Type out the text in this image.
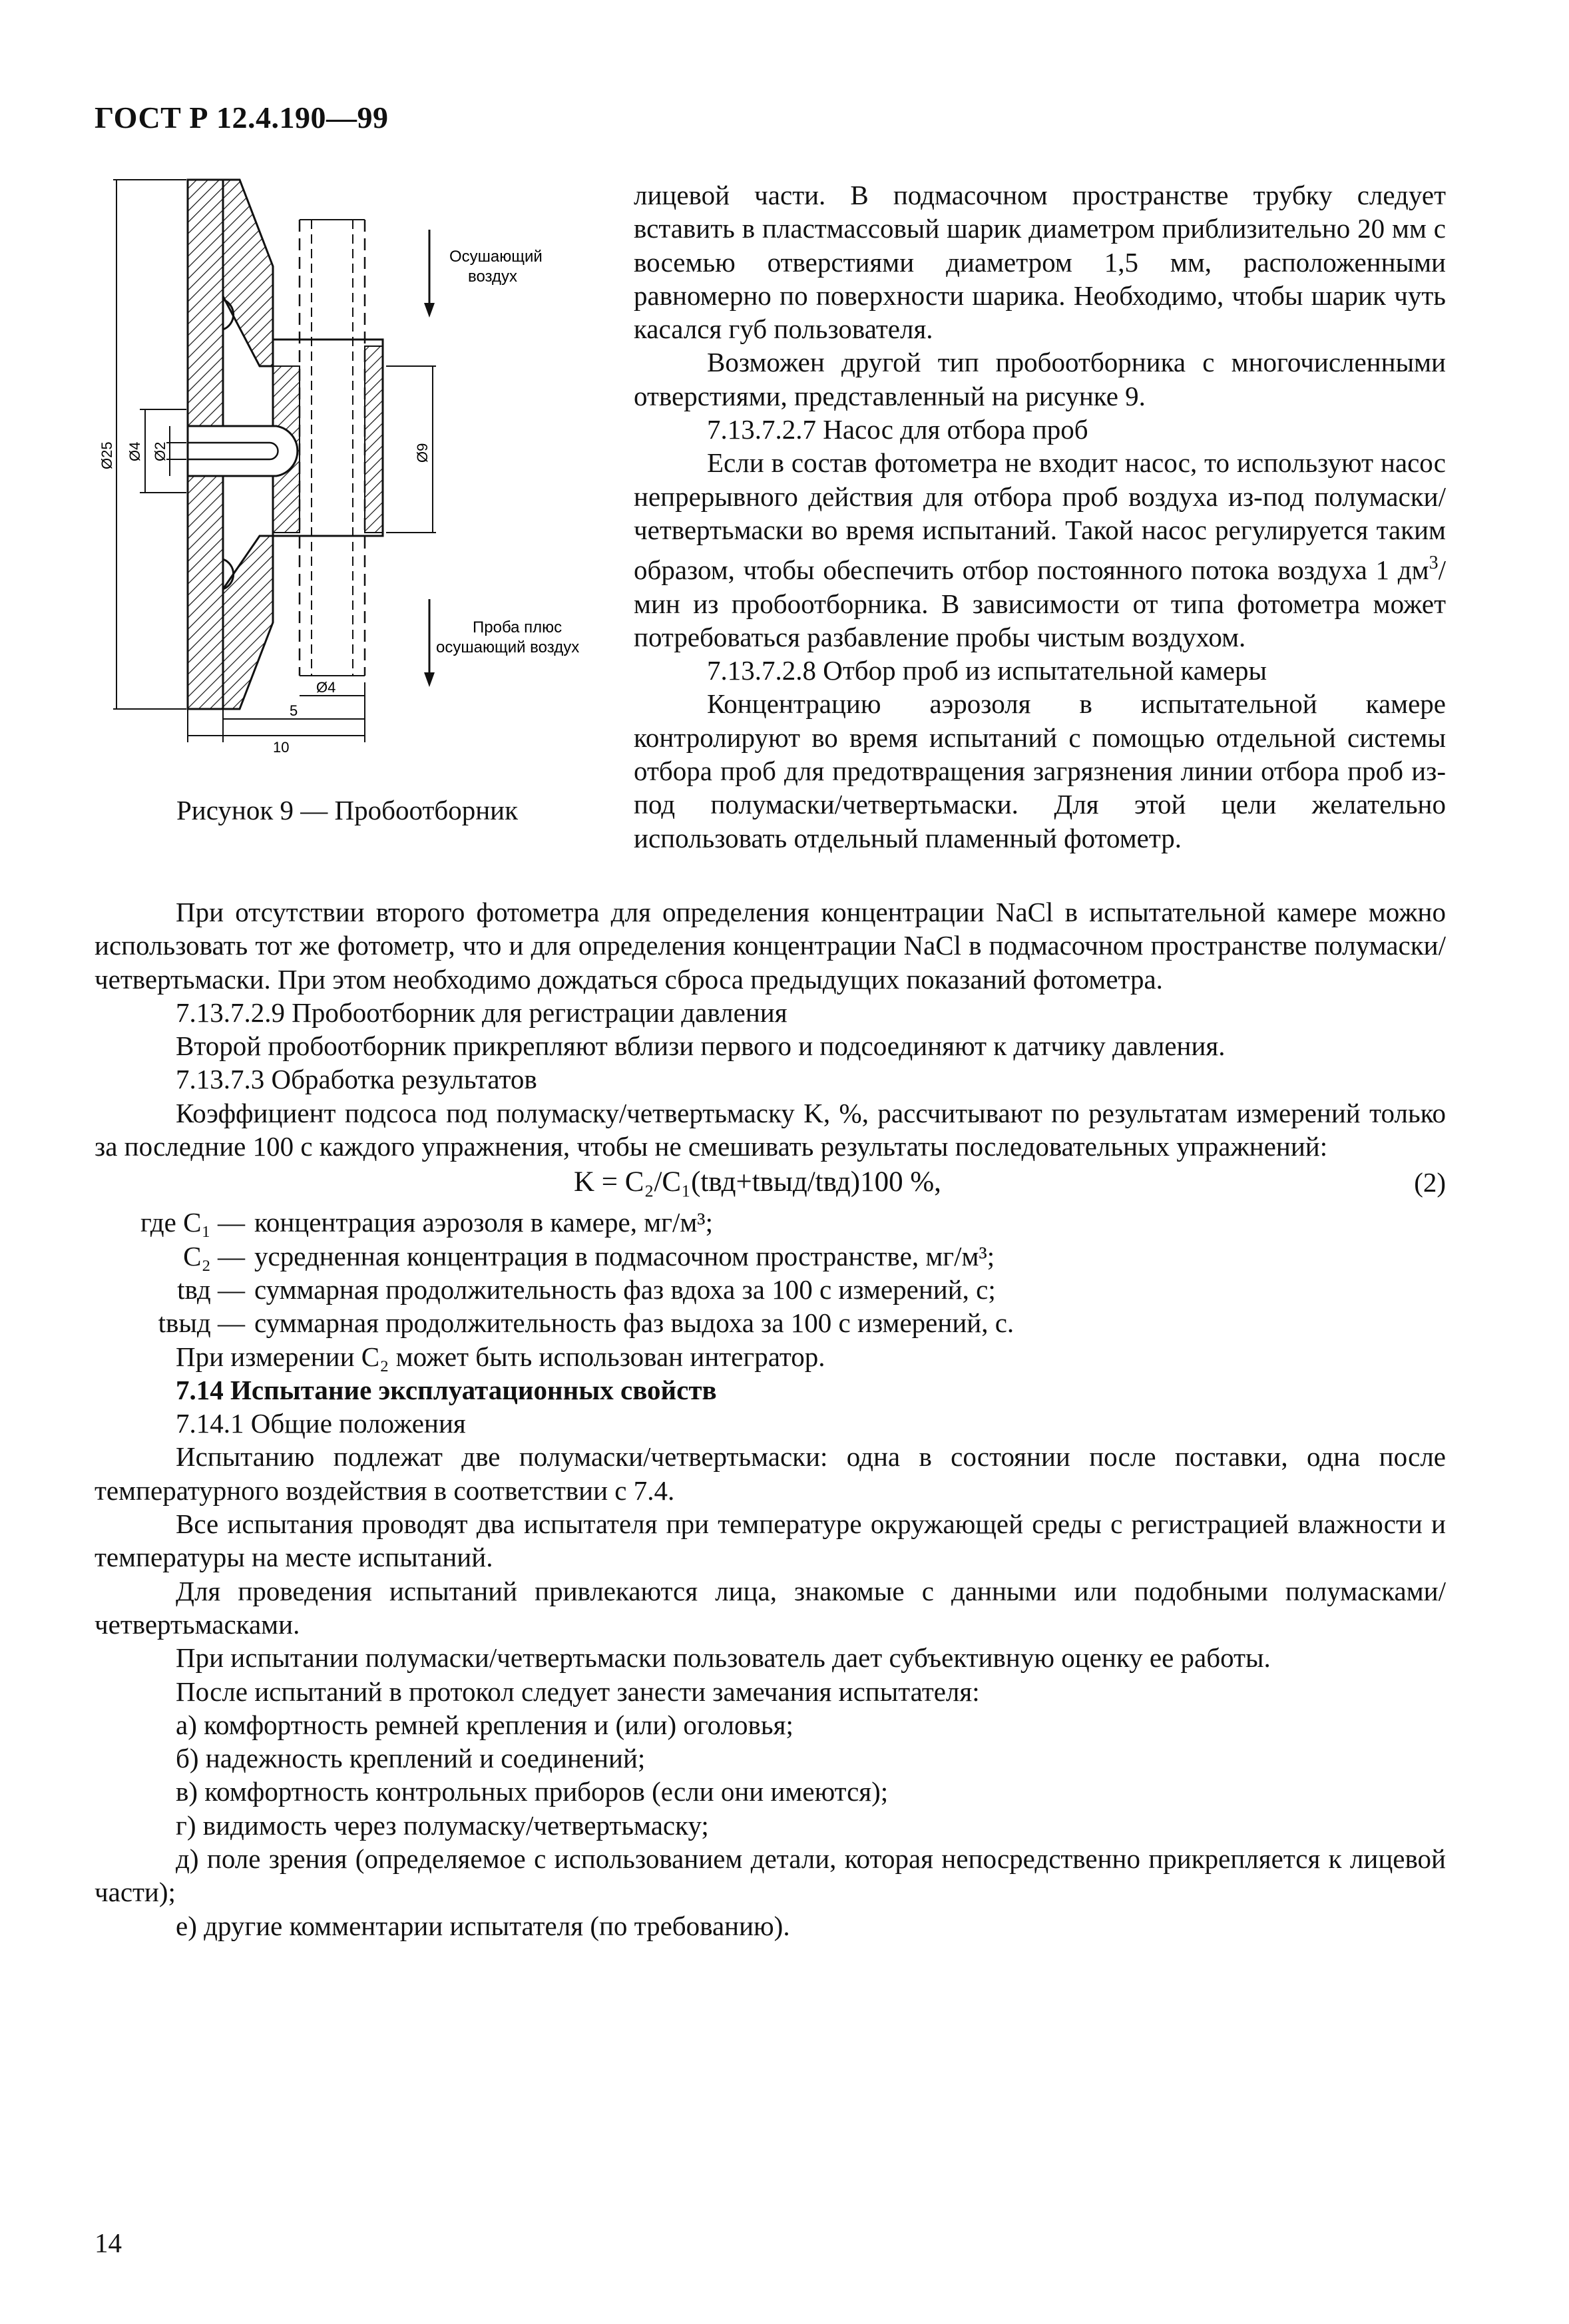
ГОСТ Р 12.4.190—99
Ø25 Ø4 Ø2	Ø9
Ø4
5
10
Осушающий
воздух
Проба плюс
осушающий воздух
Рисунок 9 — Пробоотборник

лицевой части. В подмасочном пространстве трубку следует вставить в пластмассовый шарик диаметром приблизительно 20 мм с восемью отверстиями диаметром 1,5 мм, расположенными равномерно по поверхности шарика. Необходимо, чтобы шарик чуть касался губ пользователя.

Возможен другой тип пробоотборника с многочисленными отверстиями, представленный на рисунке 9.

7.13.7.2.7 Насос для отбора проб

Если в состав фотометра не входит насос, то используют насос непрерывного действия для отбора проб воздуха из-под полумаски/четвертьмаски во время испытаний. Такой насос регулируется таким образом, чтобы обеспечить отбор постоянного потока воздуха 1 $дм^3$/мин из пробоотборника. В зависимости от типа фотометра может потребоваться разбавление пробы чистым воздухом.

7.13.7.2.8 Отбор проб из испытательной камеры

Концентрацию аэрозоля в испытательной камере контролируют во время испытаний с помощью отдельной системы отбора проб для предотвращения загрязнения линии отбора проб из-под полумаски/четвертьмаски. Для этой цели желательно использовать отдельный пламенный фотометр.

При отсутствии второго фотометра для определения концентрации NaCl в испытательной камере можно использовать тот же фотометр, что и для определения концентрации NaCl в подмасочном пространстве полумаски/четвертьмаски. При этом необходимо дождаться сброса предыдущих показаний фотометра.

7.13.7.2.9 Пробоотборник для регистрации давления

Второй пробоотборник прикрепляют вблизи первого и подсоединяют к датчику давления.

7.13.7.3 Обработка результатов

Коэффициент подсоса под полумаску/четвертьмаску K, %, рассчитывают по результатам измерений только за последние 100 с каждого упражнения, чтобы не смешивать результаты последовательных упражнений:

K = C₂/C₁(tвд+tвыд/tвд)100 %,	(2)
где C₁ — концентрация аэрозоля в камере, мг/м³;
C₂ — усредненная концентрация в подмасочном пространстве, мг/м³;
tвд — суммарная продолжительность фаз вдоха за 100 с измерений, с;
tвыд — суммарная продолжительность фаз выдоха за 100 с измерений, с.

При измерении C₂ может быть использован интегратор.

7.14 Испытание эксплуатационных свойств

7.14.1 Общие положения

Испытанию подлежат две полумаски/четвертьмаски: одна в состоянии после поставки, одна после температурного воздействия в соответствии с 7.4.

Все испытания проводят два испытателя при температуре окружающей среды с регистрацией влажности и температуры на месте испытаний.

Для проведения испытаний привлекаются лица, знакомые с данными или подобными полумасками/четвертьмасками.

При испытании полумаски/четвертьмаски пользователь дает субъективную оценку ее работы.

После испытаний в протокол следует занести замечания испытателя:

а) комфортность ремней крепления и (или) оголовья;

б) надежность креплений и соединений;

в) комфортность контрольных приборов (если они имеются);

г) видимость через полумаску/четвертьмаску;

д) поле зрения (определяемое с использованием детали, которая непосредственно прикрепляется к лицевой части);

е) другие комментарии испытателя (по требованию).

14
